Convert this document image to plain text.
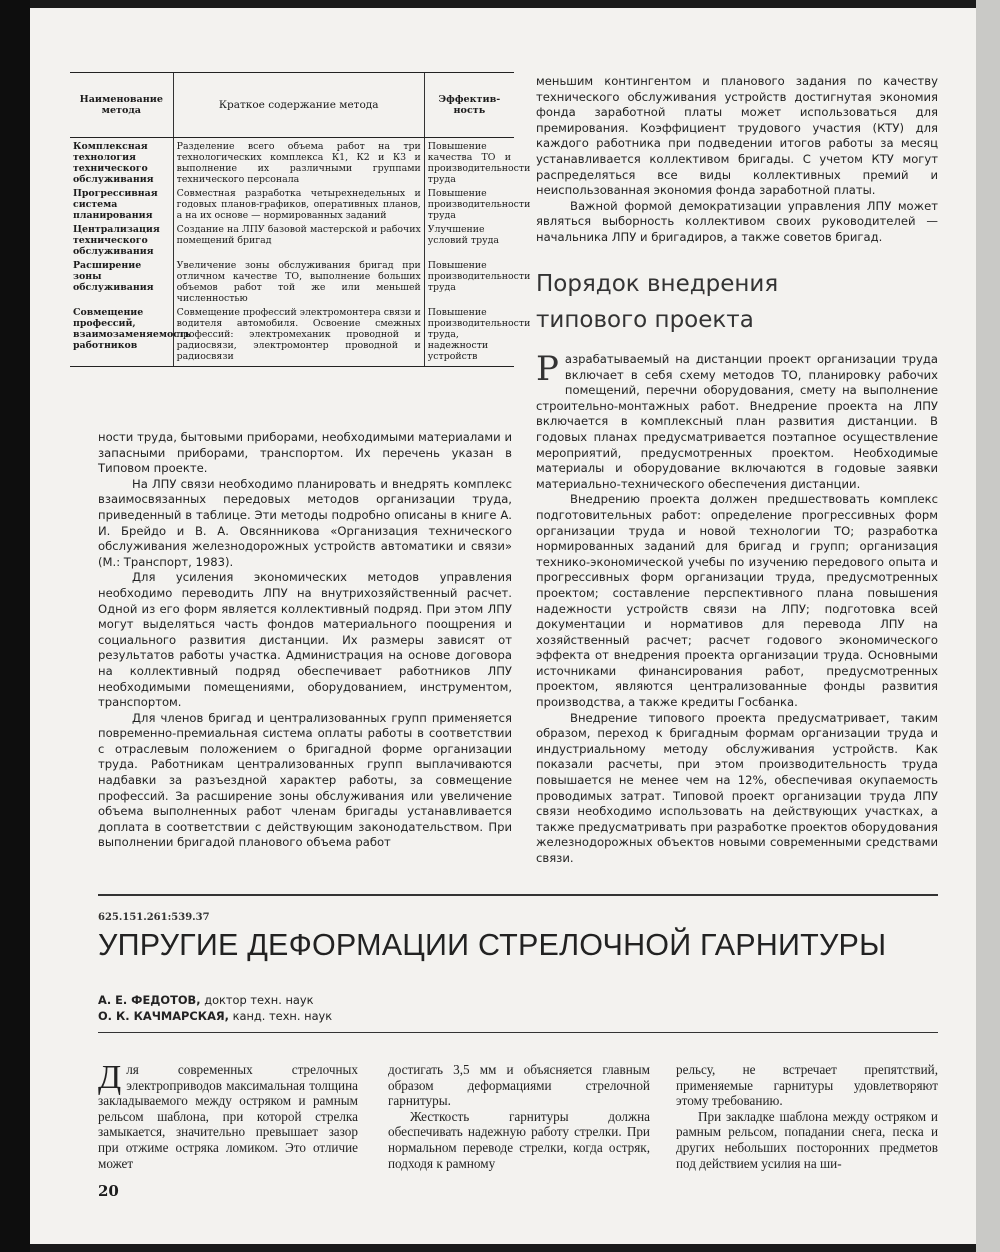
Наименование метода	Краткое содержание метода	Эффектив-ность
Комплексная технология технического обслуживания	Разделение всего объема работ на три технологических комплекса К1, К2 и К3 и выполнение их различными группами технического персонала	Повышение качества ТО и производительности труда
Прогрессивная система планирования	Совместная разработка четырехнедельных и годовых планов-графиков, оперативных планов, а на их основе — нормированных заданий	Повышение производительности труда
Централизация технического обслуживания	Создание на ЛПУ базовой мастерской и рабочих помещений бригад	Улучшение условий труда
Расширение зоны обслуживания	Увеличение зоны обслуживания бригад при отличном качестве ТО, выполнение больших объемов работ той же или меньшей численностью	Повышение производительности труда
Совмещение профессий, взаимозаменяемость работников	Совмещение профессий электромонтера связи и водителя автомобиля. Освоение смежных профессий: электромеханик проводной и радиосвязи, электромонтер проводной и радиосвязи	Повышение производительности труда, надежности устройств

ности труда, бытовыми приборами, необходимыми материалами и запасными приборами, транспортом. Их перечень указан в Типовом проекте.

На ЛПУ связи необходимо планировать и внедрять комплекс взаимосвязанных передовых методов организации труда, приведенный в таблице. Эти методы подробно описаны в книге А. И. Брейдо и В. А. Овсянникова «Организация технического обслуживания железнодорожных устройств автоматики и связи» (М.: Транспорт, 1983).

Для усиления экономических методов управления необходимо переводить ЛПУ на внутрихозяйственный расчет. Одной из его форм является коллективный подряд. При этом ЛПУ могут выделяться часть фондов материального поощрения и социального развития дистанции. Их размеры зависят от результатов работы участка. Администрация на основе договора на коллективный подряд обеспечивает работников ЛПУ необходимыми помещениями, оборудованием, инструментом, транспортом.

Для членов бригад и централизованных групп применяется повременно-премиальная система оплаты работы в соответствии с отраслевым положением о бригадной форме организации труда. Работникам централизованных групп выплачиваются надбавки за разъездной характер работы, за совмещение профессий. За расширение зоны обслуживания или увеличение объема выполненных работ членам бригады устанавливается доплата в соответствии с действующим законодательством. При выполнении бригадой планового объема работ

меньшим контингентом и планового задания по качеству технического обслуживания устройств достигнутая экономия фонда заработной платы может использоваться для премирования. Коэффициент трудового участия (КТУ) для каждого работника при подведении итогов работы за месяц устанавливается коллективом бригады. С учетом КТУ могут распределяться все виды коллективных премий и неиспользованная экономия фонда заработной платы.

Важной формой демократизации управления ЛПУ может являться выборность коллективом своих руководителей — начальника ЛПУ и бригадиров, а также советов бригад.

Порядок внедрения
типового проекта

Разрабатываемый на дистанции проект организации труда включает в себя схему методов ТО, планировку рабочих помещений, перечни оборудования, смету на выполнение строительно-монтажных работ. Внедрение проекта на ЛПУ включается в комплексный план развития дистанции. В годовых планах предусматривается поэтапное осуществление мероприятий, предусмотренных проектом. Необходимые материалы и оборудование включаются в годовые заявки материально-технического обеспечения дистанции.

Внедрению проекта должен предшествовать комплекс подготовительных работ: определение прогрессивных форм организации труда и новой технологии ТО; разработка нормированных заданий для бригад и групп; организация технико-экономической учебы по изучению передового опыта и прогрессивных форм организации труда, предусмотренных проектом; составление перспективного плана повышения надежности устройств связи на ЛПУ; подготовка всей документации и нормативов для перевода ЛПУ на хозяйственный расчет; расчет годового экономического эффекта от внедрения проекта организации труда. Основными источниками финансирования работ, предусмотренных проектом, являются централизованные фонды развития производства, а также кредиты Госбанка.

Внедрение типового проекта предусматривает, таким образом, переход к бригадным формам организации труда и индустриальному методу обслуживания устройств. Как показали расчеты, при этом производительность труда повышается не менее чем на 12%, обеспечивая окупаемость проводимых затрат. Типовой проект организации труда ЛПУ связи необходимо использовать на действующих участках, а также предусматривать при разработке проектов оборудования железнодорожных объектов новыми современными средствами связи.

625.151.261:539.37
УПРУГИЕ ДЕФОРМАЦИИ СТРЕЛОЧНОЙ ГАРНИТУРЫ
А. Е. ФЕДОТОВ, доктор техн. наук
О. К. КАЧМАРСКАЯ, канд. техн. наук

Для современных стрелочных электроприводов максимальная толщина закладываемого между остряком и рамным рельсом шаблона, при которой стрелка замыкается, значительно превышает зазор при отжиме остряка ломиком. Это отличие может

достигать 3,5 мм и объясняется главным образом деформациями стрелочной гарнитуры.

Жесткость гарнитуры должна обеспечивать надежную работу стрелки. При нормальном переводе стрелки, когда остряк, подходя к рамному

рельсу, не встречает препятствий, применяемые гарнитуры удовлетворяют этому требованию.

При закладке шаблона между остряком и рамным рельсом, попадании снега, песка и других небольших посторонних предметов под действием усилия на ши-

20
